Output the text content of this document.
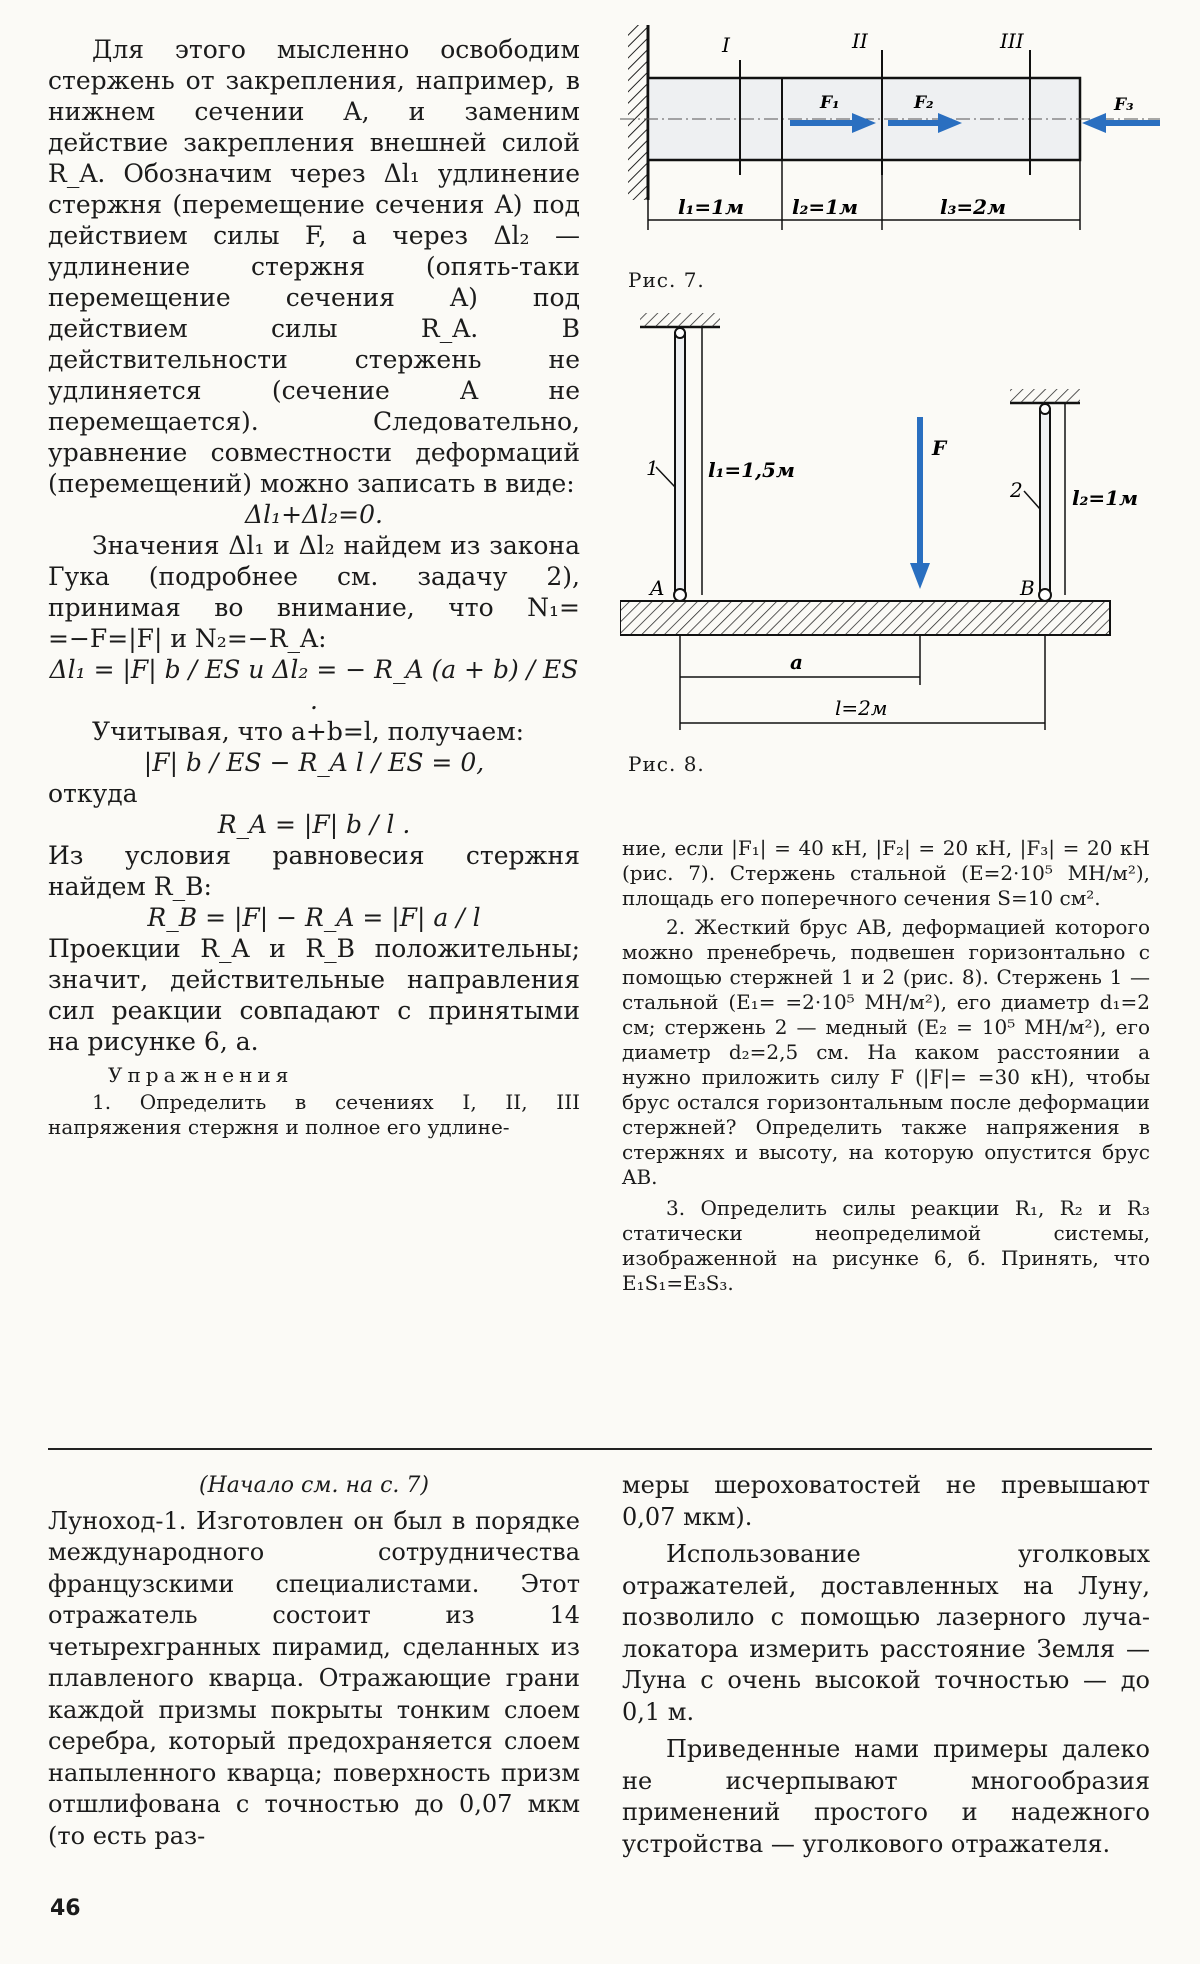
Для этого мысленно освободим стержень от закрепления, например, в нижнем сечении A, и заменим действие закрепления внешней силой R_A. Обозначим через Δl₁ удлинение стержня (перемещение сечения A) под действием силы F, а через Δl₂ — удлинение стержня (опять-таки перемещение сечения A) под действием силы R_A. В действительности стержень не удлиняется (сечение A не перемещается). Следовательно, уравнение совместности деформаций (перемещений) можно записать в виде:

Δl₁+Δl₂=0.

Значения Δl₁ и Δl₂ найдем из закона Гука (подробнее см. задачу 2), принимая во внимание, что N₁= =−F=|F| и N₂=−R_A:

Δl₁ = |F| b / ES и Δl₂ = − R_A (a + b) / ES .

Учитывая, что a+b=l, получаем:

|F| b / ES − R_A l / ES = 0,

откуда

R_A = |F| b / l .

Из условия равновесия стержня найдем R_B:

R_B = |F| − R_A = |F| a / l

Проекции R_A и R_B положительны; значит, действительные направления сил реакции совпадают с принятыми на рисунке 6, a.

Упражнения

1. Определить в сечениях I, II, III напряжения стержня и полное его удлине-

I	II	III
F₁	F₂	F₃
l₁=1м l₂=1м	l₃=2м
Рис. 7.
l₁=1,5м
l₂=1м
1
2
F
A	B
a
l=2м
Рис. 8.

ние, если |F₁| = 40 кН, |F₂| = 20 кН, |F₃| = 20 кН (рис. 7). Стержень стальной (E=2·10⁵ МН/м²), площадь его поперечного сечения S=10 см².

2. Жесткий брус AB, деформацией которого можно пренебречь, подвешен горизонтально с помощью стержней 1 и 2 (рис. 8). Стержень 1 — стальной (E₁= =2·10⁵ МН/м²), его диаметр d₁=2 см; стержень 2 — медный (E₂ = 10⁵ МН/м²), его диаметр d₂=2,5 см. На каком расстоянии a нужно приложить силу F (|F|= =30 кН), чтобы брус остался горизонтальным после деформации стержней? Определить также напряжения в стержнях и высоту, на которую опустится брус AB.

3. Определить силы реакции R₁, R₂ и R₃ статически неопределимой системы, изображенной на рисунке 6, б. Принять, что E₁S₁=E₃S₃.

(Начало см. на с. 7)

Луноход-1. Изготовлен он был в порядке международного сотрудничества французскими специалистами. Этот отражатель состоит из 14 четырехгранных пирамид, сделанных из плавленого кварца. Отражающие грани каждой призмы покрыты тонким слоем серебра, который предохраняется слоем напыленного кварца; поверхность призм отшлифована с точностью до 0,07 мкм (то есть раз-

меры шероховатостей не превышают 0,07 мкм).

Использование уголковых отражателей, доставленных на Луну, позволило с помощью лазерного луча-локатора измерить расстояние Земля — Луна с очень высокой точностью — до 0,1 м.

Приведенные нами примеры далеко не исчерпывают многообразия применений простого и надежного устройства — уголкового отражателя.

46
